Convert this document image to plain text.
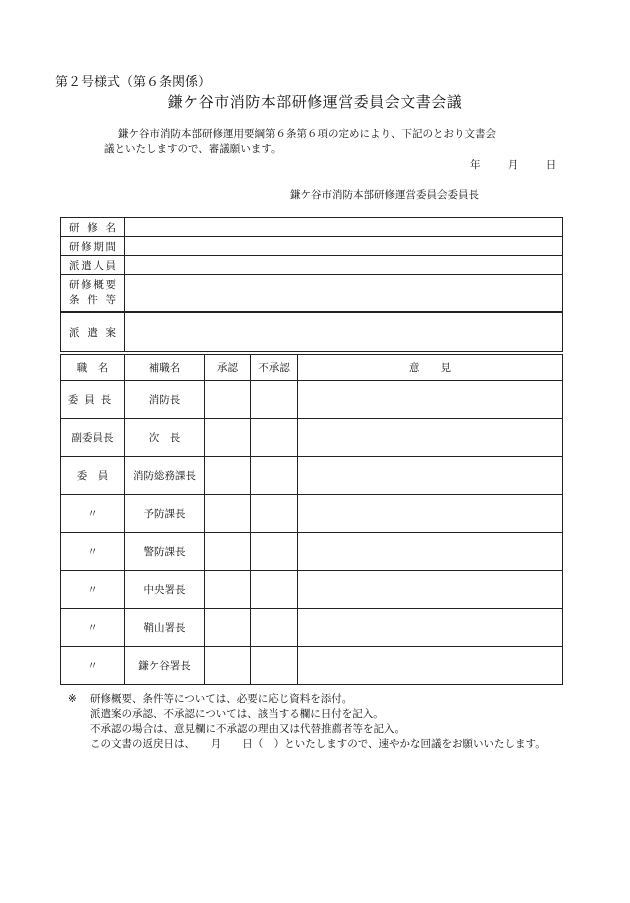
第２号様式（第６条関係）
鎌ケ谷市消防本部研修運営委員会文書会議
鎌ケ谷市消防本部研修運用要綱第６条第６項の定めにより、下記のとおり文書会
議といたしますので、審議願います。
年	月	日
鎌ケ谷市消防本部研修運営委員会委員長
研 修 名	
研修期間	
派遣人員	

研修概要
条 件 等	

派 遣 案	
職　名	補職名	承認	不承認	意　　見
委員長	消防長			
副委員長	次　長			
委　員	消防総務課長			
〃	予防課長			
〃	警防課長			
〃	中央署長			
〃	鞘山署長			
〃	鎌ケ谷署長			
※ 研修概要、条件等については、必要に応じ資料を添付。
派遣案の承認、不承認については、該当する欄に日付を記入。
不承認の場合は、意見欄に不承認の理由又は代替推薦者等を記入。
この文書の返戻日は、　　月　　日（　）といたしますので、速やかな回議をお願いいたします。
